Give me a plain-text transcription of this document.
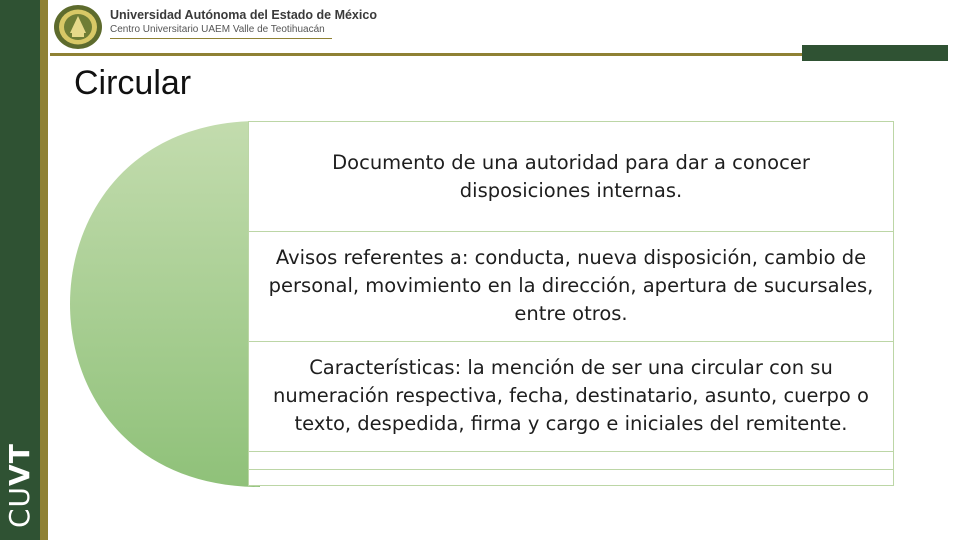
CUVT
Universidad Autónoma del Estado de México
Centro Universitario UAEM Valle de Teotihuacán
Circular

Documento de una autoridad para dar a conocer disposiciones internas.

Avisos referentes a: conducta, nueva disposición, cambio de personal, movimiento en la dirección, apertura de sucursales, entre otros.

Características: la mención de ser una circular con su numeración respectiva, fecha, destinatario, asunto, cuerpo o texto, despedida, firma y cargo e iniciales del remitente.
